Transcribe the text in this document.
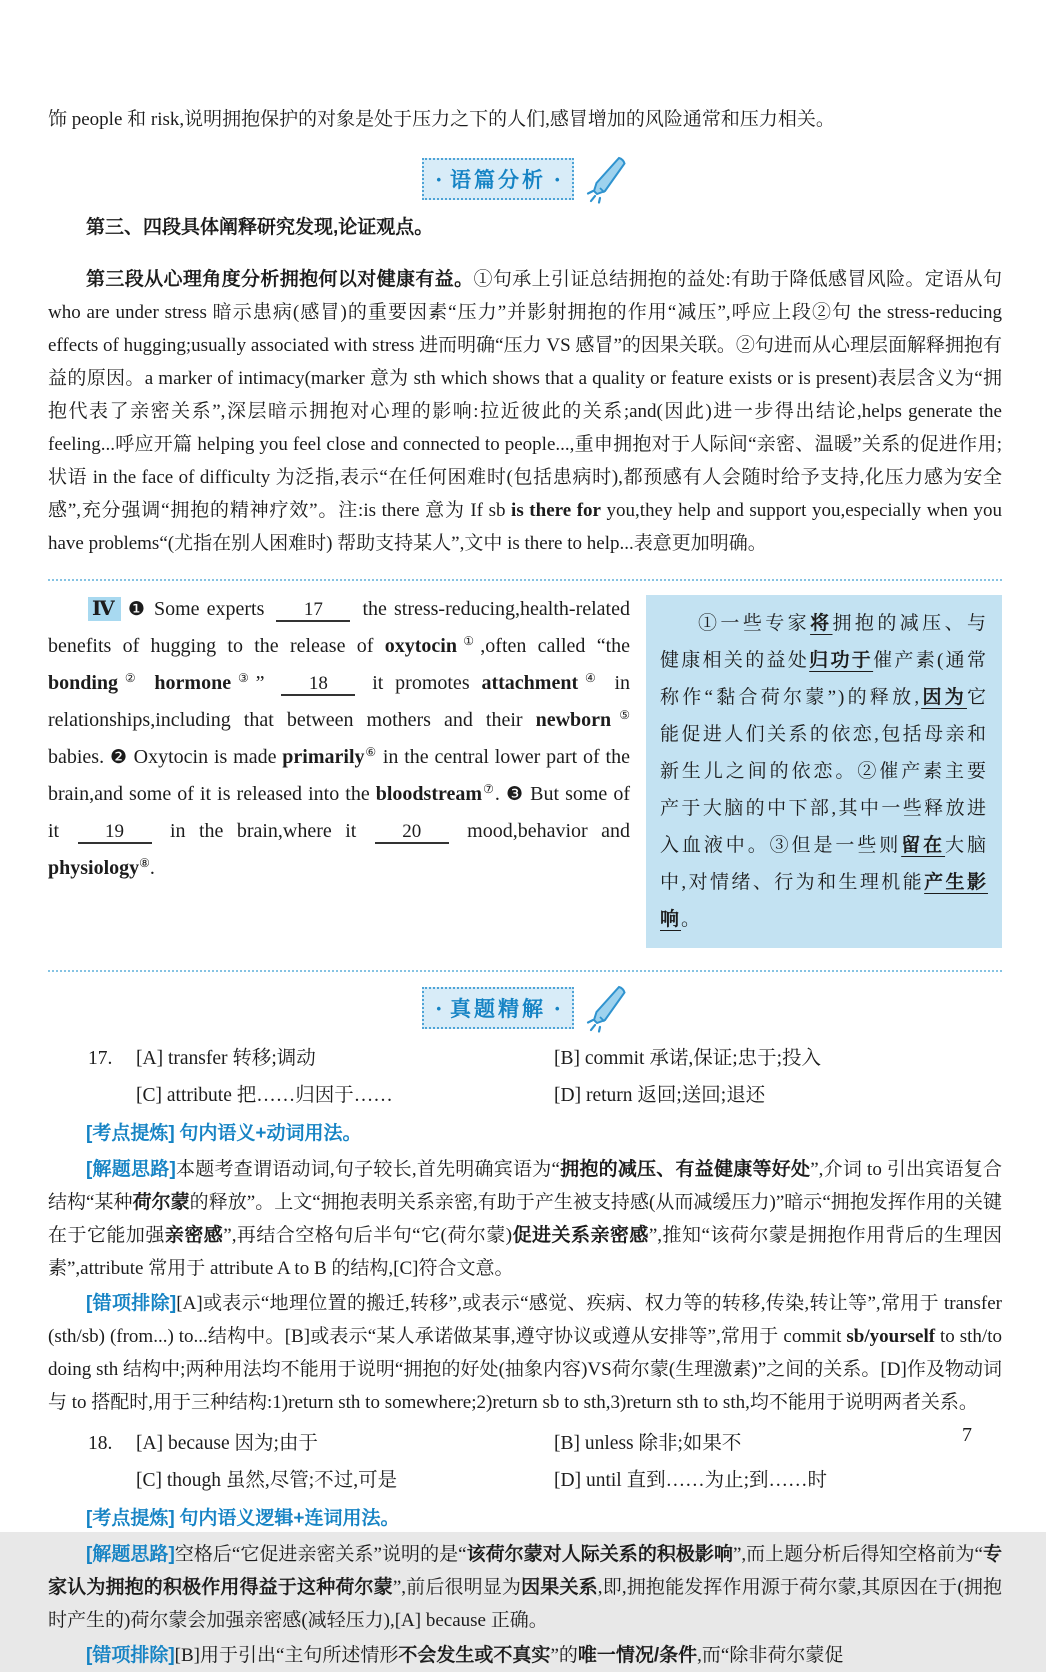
饰 people 和 risk,说明拥抱保护的对象是处于压力之下的人们,感冒增加的风险通常和压力相关。

• 语篇分析 •

第三、四段具体阐释研究发现,论证观点。

第三段从心理角度分析拥抱何以对健康有益。①句承上引证总结拥抱的益处:有助于降低感冒风险。定语从句 who are under stress 暗示患病(感冒)的重要因素“压力”并影射拥抱的作用“减压”,呼应上段②句 the stress-reducing effects of hugging;usually associated with stress 进而明确“压力 VS 感冒”的因果关联。②句进而从心理层面解释拥抱有益的原因。a marker of intimacy(marker 意为 sth which shows that a quality or feature exists or is present)表层含义为“拥抱代表了亲密关系”,深层暗示拥抱对心理的影响:拉近彼此的关系;and(因此)进一步得出结论,helps generate the feeling...呼应开篇 helping you feel close and connected to people...,重申拥抱对于人际间“亲密、温暖”关系的促进作用;状语 in the face of difficulty 为泛指,表示“在任何困难时(包括患病时),都预感有人会随时给予支持,化压力感为安全感”,充分强调“拥抱的精神疗效”。注:is there 意为 If sb is there for you,they help and support you,especially when you have problems“(尤指在别人困难时) 帮助支持某人”,文中 is there to help...表意更加明确。

Ⅳ ❶ Some experts 17 the stress-reducing,health-related benefits of hugging to the release of oxytocin①,often called “the bonding② hormone③” 18 it promotes attachment④ in relationships,including that between mothers and their newborn⑤ babies. ❷ Oxytocin is made primarily⑥ in the central lower part of the brain,and some of it is released into the bloodstream⑦. ❸ But some of it 19 in the brain,where it 20 mood,behavior and physiology⑧.
①一些专家将拥抱的减压、与健康相关的益处归功于催产素(通常称作“黏合荷尔蒙”)的释放,因为它能促进人们关系的依恋,包括母亲和新生儿之间的依恋。②催产素主要产于大脑的中下部,其中一些释放进入血液中。③但是一些则留在大脑中,对情绪、行为和生理机能产生影响。
• 真题精解 •
17.	[A] transfer 转移;调动	[B] commit 承诺,保证;忠于;投入
[C] attribute 把……归因于……	[D] return 返回;送回;退还

[考点提炼] 句内语义+动词用法。

[解题思路]本题考查谓语动词,句子较长,首先明确宾语为“拥抱的减压、有益健康等好处”,介词 to 引出宾语复合结构“某种荷尔蒙的释放”。上文“拥抱表明关系亲密,有助于产生被支持感(从而减缓压力)”暗示“拥抱发挥作用的关键在于它能加强亲密感”,再结合空格句后半句“它(荷尔蒙)促进关系亲密感”,推知“该荷尔蒙是拥抱作用背后的生理因素”,attribute 常用于 attribute A to B 的结构,[C]符合文意。

[错项排除][A]或表示“地理位置的搬迁,转移”,或表示“感觉、疾病、权力等的转移,传染,转让等”,常用于 transfer (sth/sb) (from...) to...结构中。[B]或表示“某人承诺做某事,遵守协议或遵从安排等”,常用于 commit sb/yourself to sth/to doing sth 结构中;两种用法均不能用于说明“拥抱的好处(抽象内容)VS荷尔蒙(生理激素)”之间的关系。[D]作及物动词与 to 搭配时,用于三种结构:1)return sth to somewhere;2)return sb to sth,3)return sth to sth,均不能用于说明两者关系。

18.	[A] because 因为;由于	[B] unless 除非;如果不
[C] though 虽然,尽管;不过,可是	[D] until 直到……为止;到……时

[考点提炼] 句内语义逻辑+连词用法。

[解题思路]空格后“它促进亲密关系”说明的是“该荷尔蒙对人际关系的积极影响”,而上题分析后得知空格前为“专家认为拥抱的积极作用得益于这种荷尔蒙”,前后很明显为因果关系,即,拥抱能发挥作用源于荷尔蒙,其原因在于(拥抱时产生的)荷尔蒙会加强亲密感(减轻压力),[A] because 正确。

[错项排除][B]用于引出“主句所述情形不会发生或不真实”的唯一情况/条件,而“除非荷尔蒙促

7
